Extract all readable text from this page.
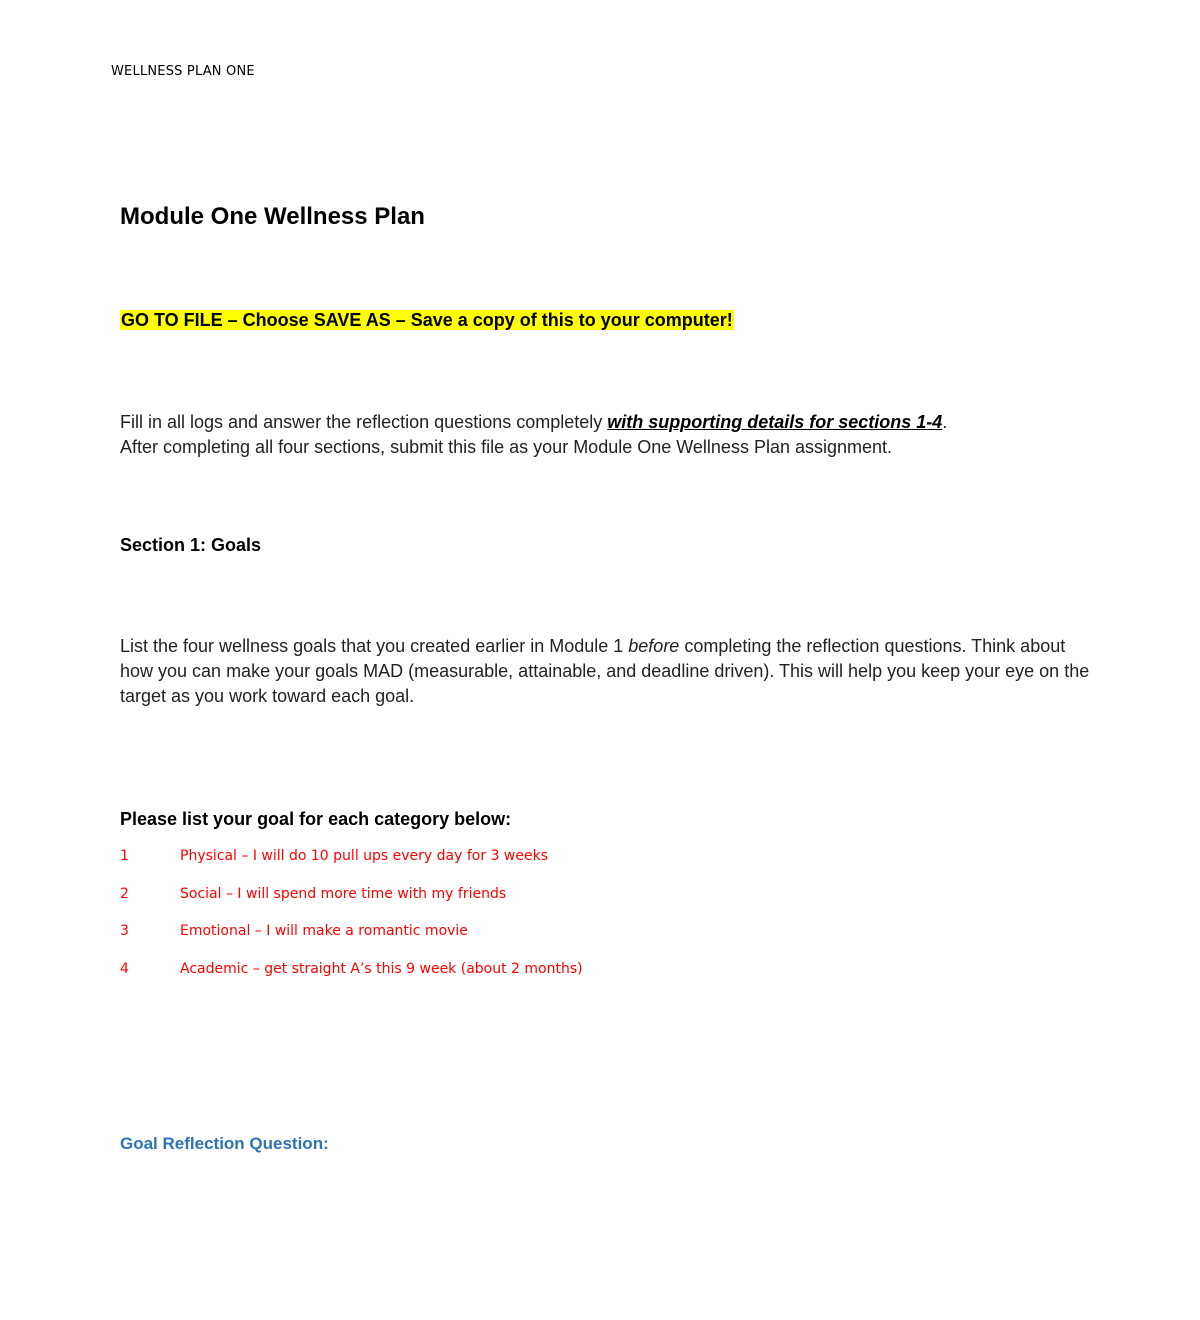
WELLNESS PLAN ONE
Module One Wellness Plan
GO TO FILE – Choose SAVE AS – Save a copy of this to your computer!
Fill in all logs and answer the reflection questions completely with supporting details for sections 1-4.
After completing all four sections, submit this file as your Module One Wellness Plan assignment.
Section 1: Goals
List the four wellness goals that you created earlier in Module 1 before completing the reflection questions. Think about how you can make your goals MAD (measurable, attainable, and deadline driven). This will help you keep your eye on the target as you work toward each goal.
Please list your goal for each category below:
1	Physical – I will do 10 pull ups every day for 3 weeks
2	Social – I will spend more time with my friends
3	Emotional – I will make a romantic movie
4	Academic – get straight A’s this 9 week (about 2 months)
Goal Reflection Question:
